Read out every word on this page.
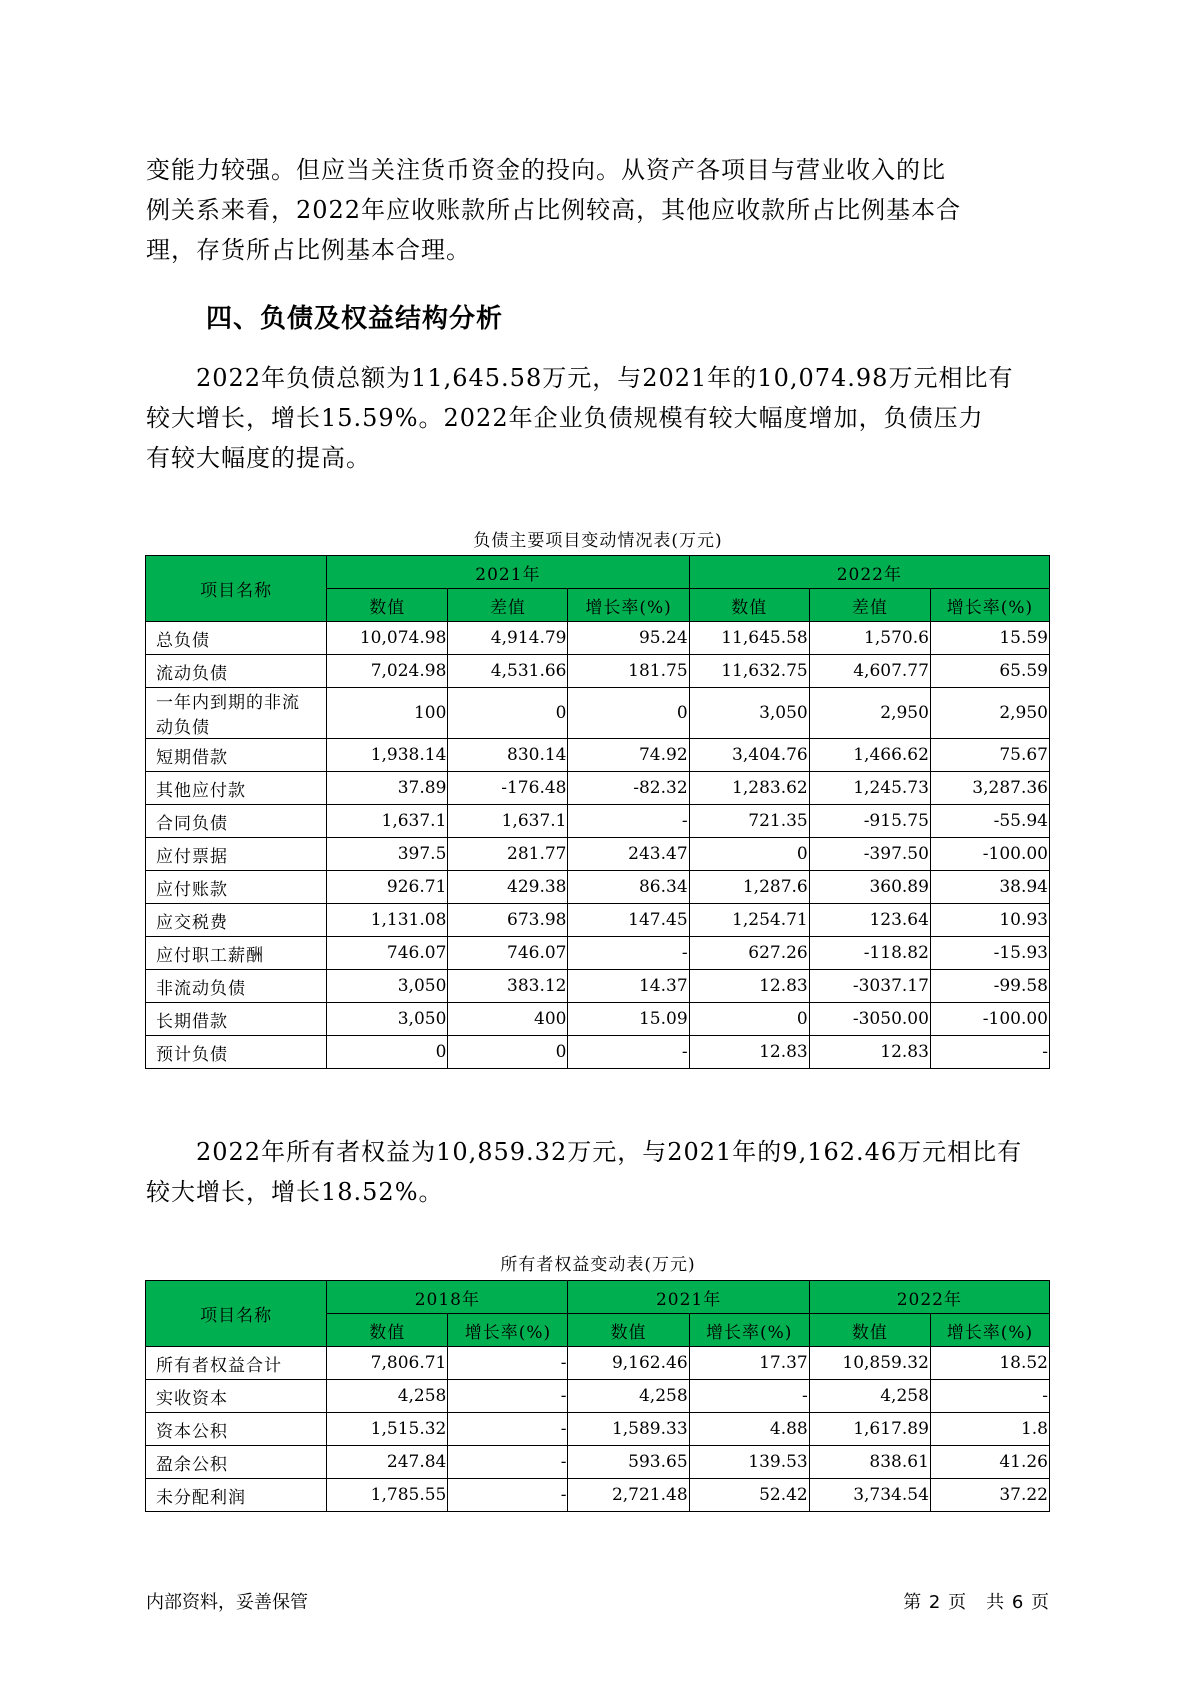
变能力较强。但应当关注货币资金的投向。从资产各项目与营业收入的比
例关系来看，2022年应收账款所占比例较高，其他应收款所占比例基本合
理，存货所占比例基本合理。
四、负债及权益结构分析
　　2022年负债总额为11,645.58万元，与2021年的10,074.98万元相比有
较大增长，增长15.59%。2022年企业负债规模有较大幅度增加，负债压力
有较大幅度的提高。
负债主要项目变动情况表(万元)
项目名称	2021年			2022年		
	数值	差值	增长率(%)	数值	差值	增长率(%)
总负债	10,074.98	4,914.79	95.24	11,645.58	1,570.6	15.59
流动负债	7,024.98	4,531.66	181.75	11,632.75	4,607.77	65.59

一年内到期的非流
动负债	100	0	0	3,050	2,950	2,950
短期借款	1,938.14	830.14	74.92	3,404.76	1,466.62	75.67
其他应付款	37.89	-176.48	-82.32	1,283.62	1,245.73	3,287.36
合同负债	1,637.1	1,637.1	-	721.35	-915.75	-55.94
应付票据	397.5	281.77	243.47	0	-397.50	-100.00
应付账款	926.71	429.38	86.34	1,287.6	360.89	38.94
应交税费	1,131.08	673.98	147.45	1,254.71	123.64	10.93
应付职工薪酬	746.07	746.07	-	627.26	-118.82	-15.93
非流动负债	3,050	383.12	14.37	12.83	-3037.17	-99.58
长期借款	3,050	400	15.09	0	-3050.00	-100.00
预计负债	0	0	-	12.83	12.83	-
　　2022年所有者权益为10,859.32万元，与2021年的9,162.46万元相比有
较大增长，增长18.52%。
所有者权益变动表(万元)
项目名称	2018年		2021年		2022年	
	数值	增长率(%)	数值	增长率(%)	数值	增长率(%)
所有者权益合计	7,806.71	-	9,162.46	17.37	10,859.32	18.52
实收资本	4,258	-	4,258	-	4,258	-
资本公积	1,515.32	-	1,589.33	4.88	1,617.89	1.8
盈余公积	247.84	-	593.65	139.53	838.61	41.26
未分配利润	1,785.55	-	2,721.48	52.42	3,734.54	37.22
内部资料，妥善保管	第 2 页　共 6 页
